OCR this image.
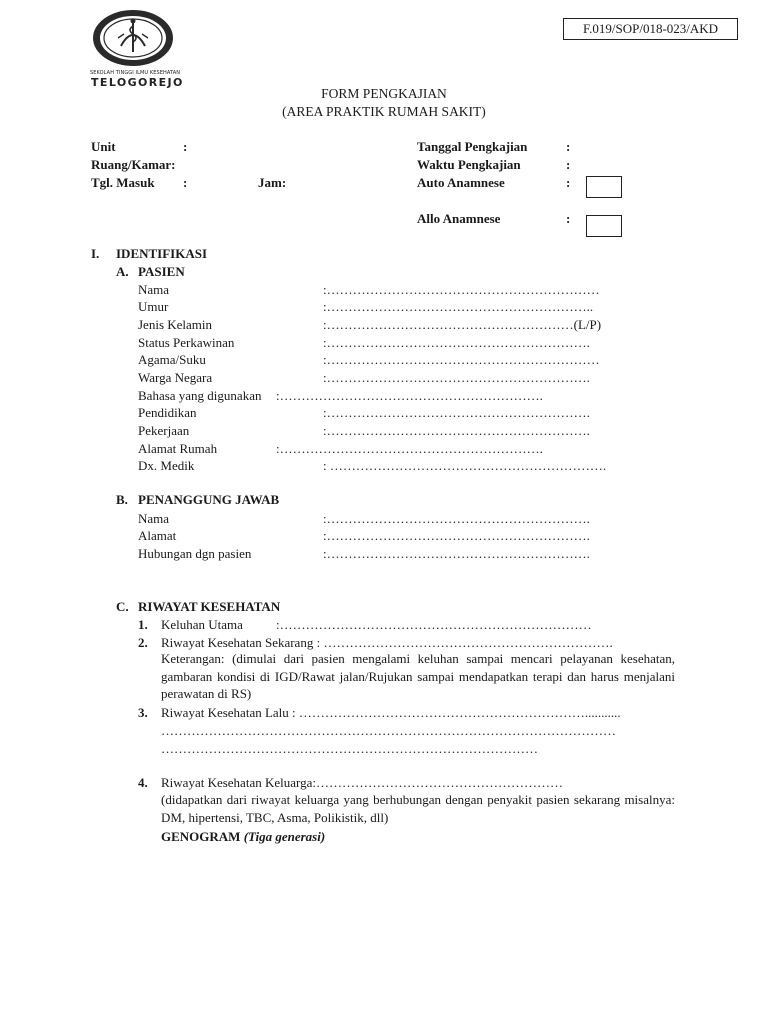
SEKOLAH TINGGI ILMU KESEHATAN
TELOGOREJO
F.019/SOP/018-023/AKD
FORM PENGKAJIAN
(AREA PRAKTIK RUMAH SAKIT)
Unit	:
Ruang/Kamar:
Tgl. Masuk :	Jam:
Tanggal Pengkajian	:
Waktu Pengkajian	:
Auto Anamnese	:
Allo Anamnese	:
I. IDENTIFIKASI
A. PASIEN
Nama	:………………………………………………………
Umur	:……………………………………………………..
Jenis Kelamin	:…………………………………………………(L/P)
Status Perkawinan	:…………………………………………………….
Agama/Suku	:………………………………………………………
Warga Negara	:…………………………………………………….
Bahasa yang digunakan :…………………………………………………….
Pendidikan	:…………………………………………………….
Pekerjaan	:…………………………………………………….
Alamat Rumah	:…………………………………………………….
Dx. Medik	: ……………………………………………………….
B. PENANGGUNG JAWAB
Nama	:…………………………………………………….
Alamat	:…………………………………………………….
Hubungan dgn pasien	:…………………………………………………….
C. RIWAYAT KESEHATAN
1. Keluhan Utama	:………………………………………………………………
2. Riwayat Kesehatan Sekarang : ………………………………………………………….
Keterangan: (dimulai dari pasien mengalami keluhan sampai mencari pelayanan kesehatan, gambaran kondisi di IGD/Rawat jalan/Rujukan sampai mendapatkan terapi dan harus menjalani perawatan di RS)
3. Riwayat Kesehatan Lalu : …………………………………………………………...........
……………………………………………………………………………………………
……………………………………………………………………………
4. Riwayat Kesehatan Keluarga:…………………………………………………
(didapatkan dari riwayat keluarga yang berhubungan dengan penyakit pasien sekarang misalnya: DM, hipertensi, TBC, Asma, Polikistik, dll)
GENOGRAM (Tiga generasi)
